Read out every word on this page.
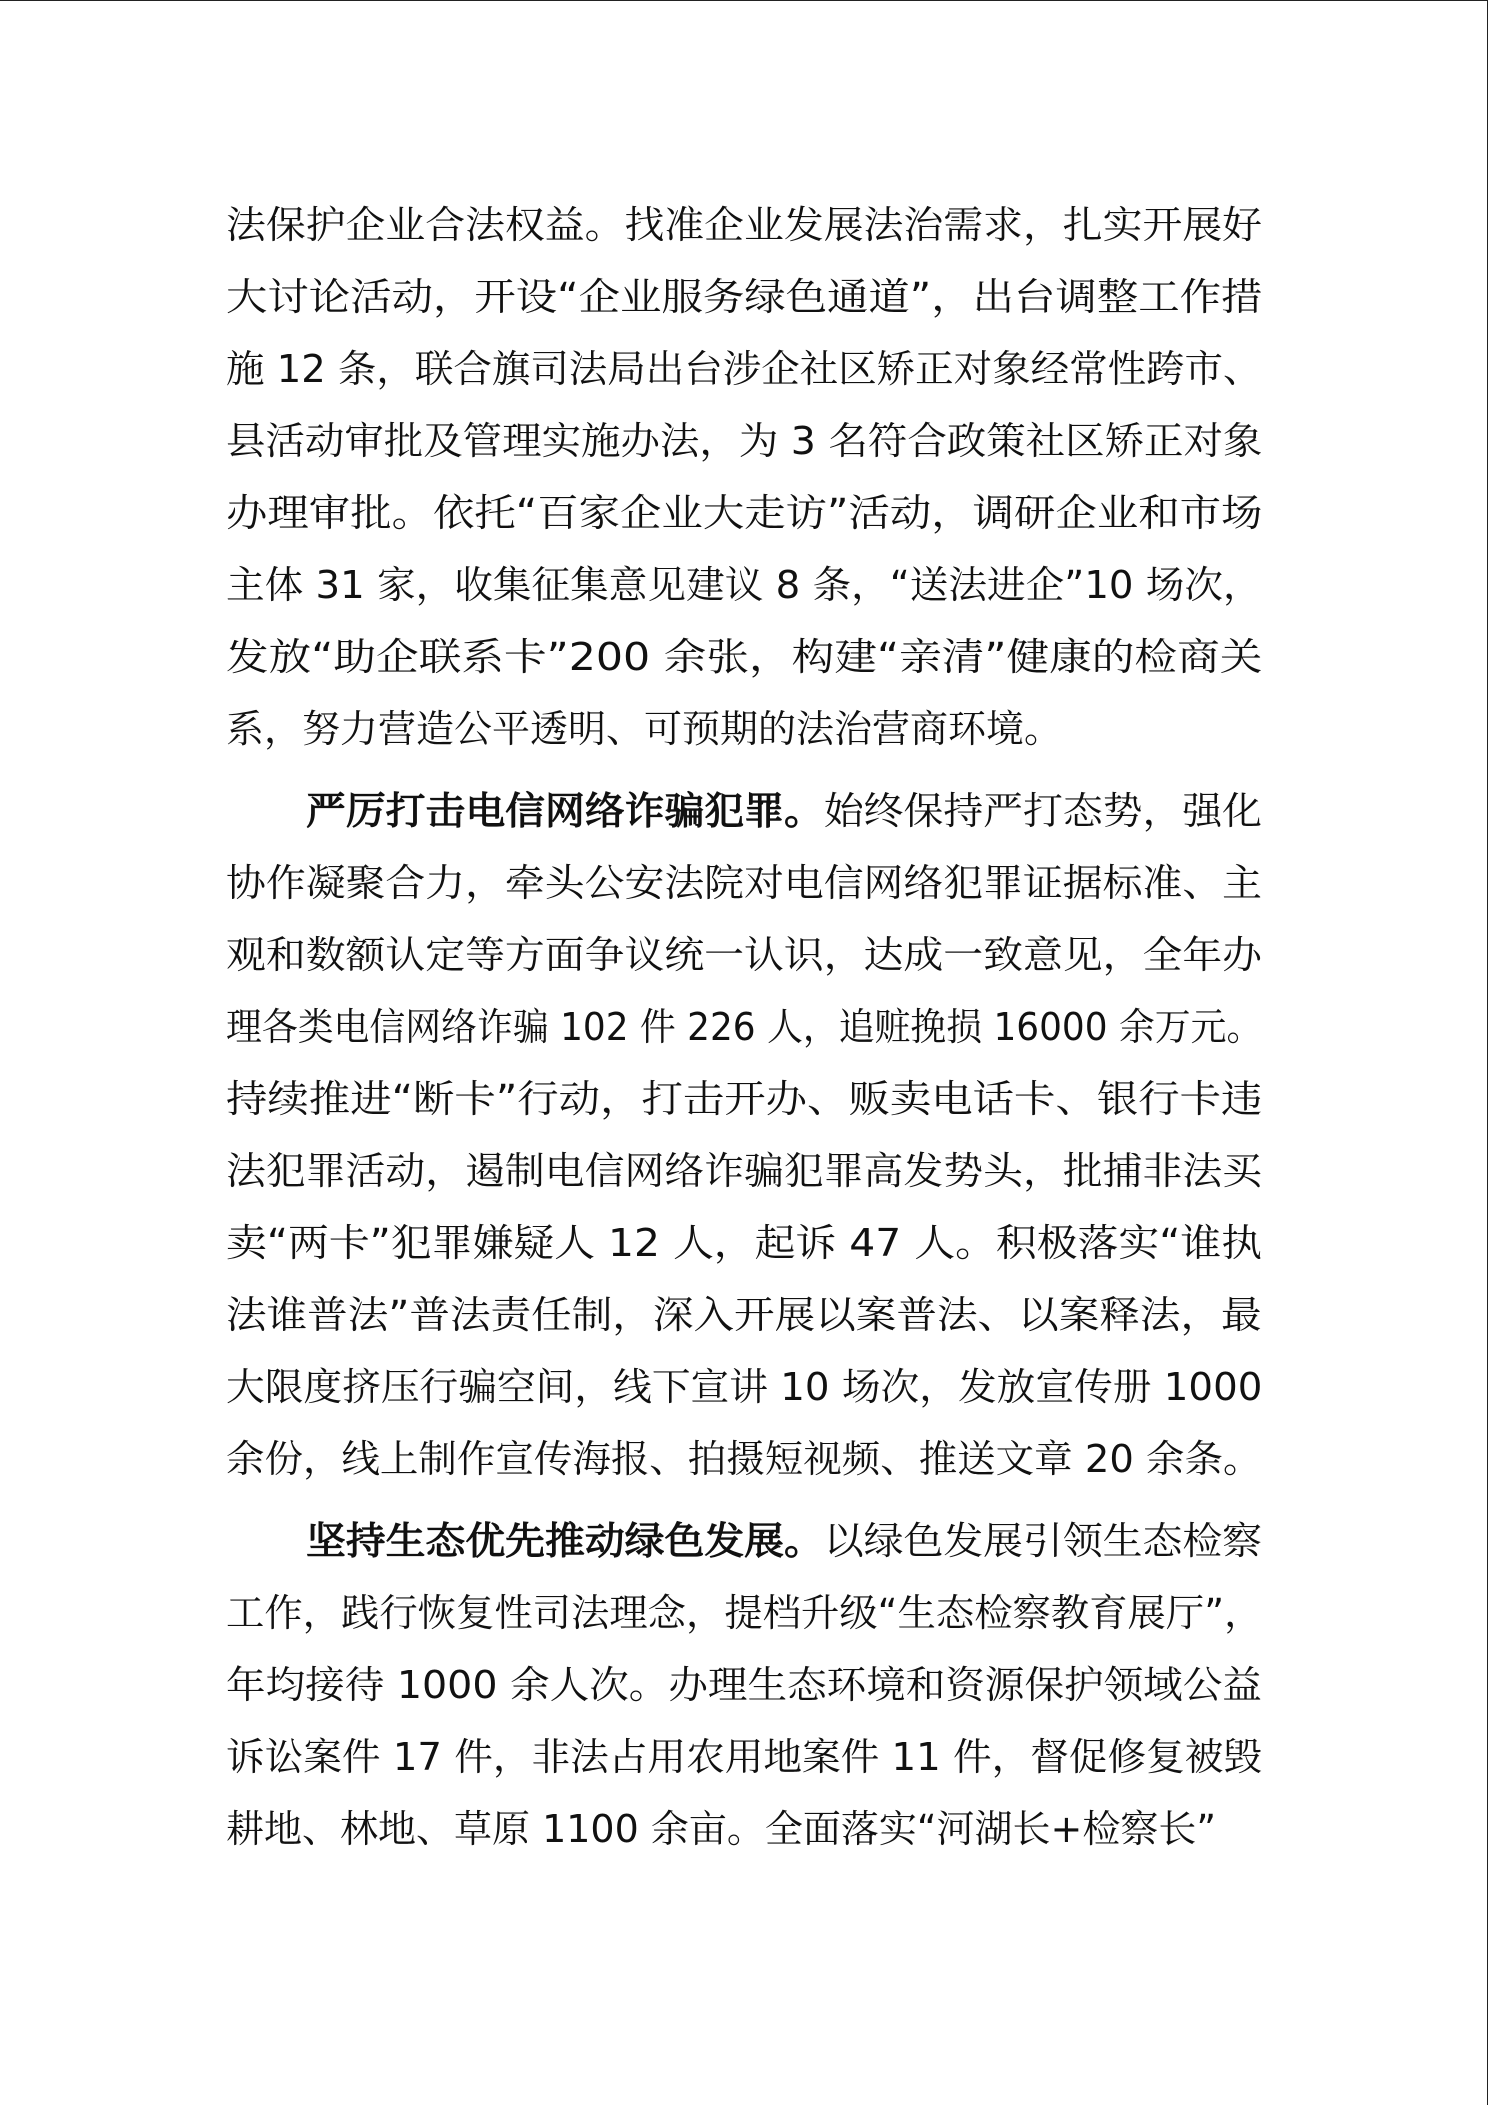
法保护企业合法权益。找准企业发展法治需求，扎实开展好
大讨论活动，开设“企业服务绿色通道”，出台调整工作措
施 12 条，联合旗司法局出台涉企社区矫正对象经常性跨市、
县活动审批及管理实施办法，为 3 名符合政策社区矫正对象
办理审批。依托“百家企业大走访”活动，调研企业和市场
主体 31 家，收集征集意见建议 8 条，“送法进企”10 场次，
发放“助企联系卡”200 余张，构建“亲清”健康的检商关
系，努力营造公平透明、可预期的法治营商环境。
严厉打击电信网络诈骗犯罪。始终保持严打态势，强化
协作凝聚合力，牵头公安法院对电信网络犯罪证据标准、主
观和数额认定等方面争议统一认识，达成一致意见，全年办
理各类电信网络诈骗 102 件 226 人，追赃挽损 16000 余万元。
持续推进“断卡”行动，打击开办、贩卖电话卡、银行卡违
法犯罪活动，遏制电信网络诈骗犯罪高发势头，批捕非法买
卖“两卡”犯罪嫌疑人 12 人，起诉 47 人。积极落实“谁执
法谁普法”普法责任制，深入开展以案普法、以案释法，最
大限度挤压行骗空间，线下宣讲 10 场次，发放宣传册 1000
余份，线上制作宣传海报、拍摄短视频、推送文章 20 余条。
坚持生态优先推动绿色发展。以绿色发展引领生态检察
工作，践行恢复性司法理念，提档升级“生态检察教育展厅”，
年均接待 1000 余人次。办理生态环境和资源保护领域公益
诉讼案件 17 件，非法占用农用地案件 11 件，督促修复被毁
耕地、林地、草原 1100 余亩。全面落实“河湖长+检察长”
